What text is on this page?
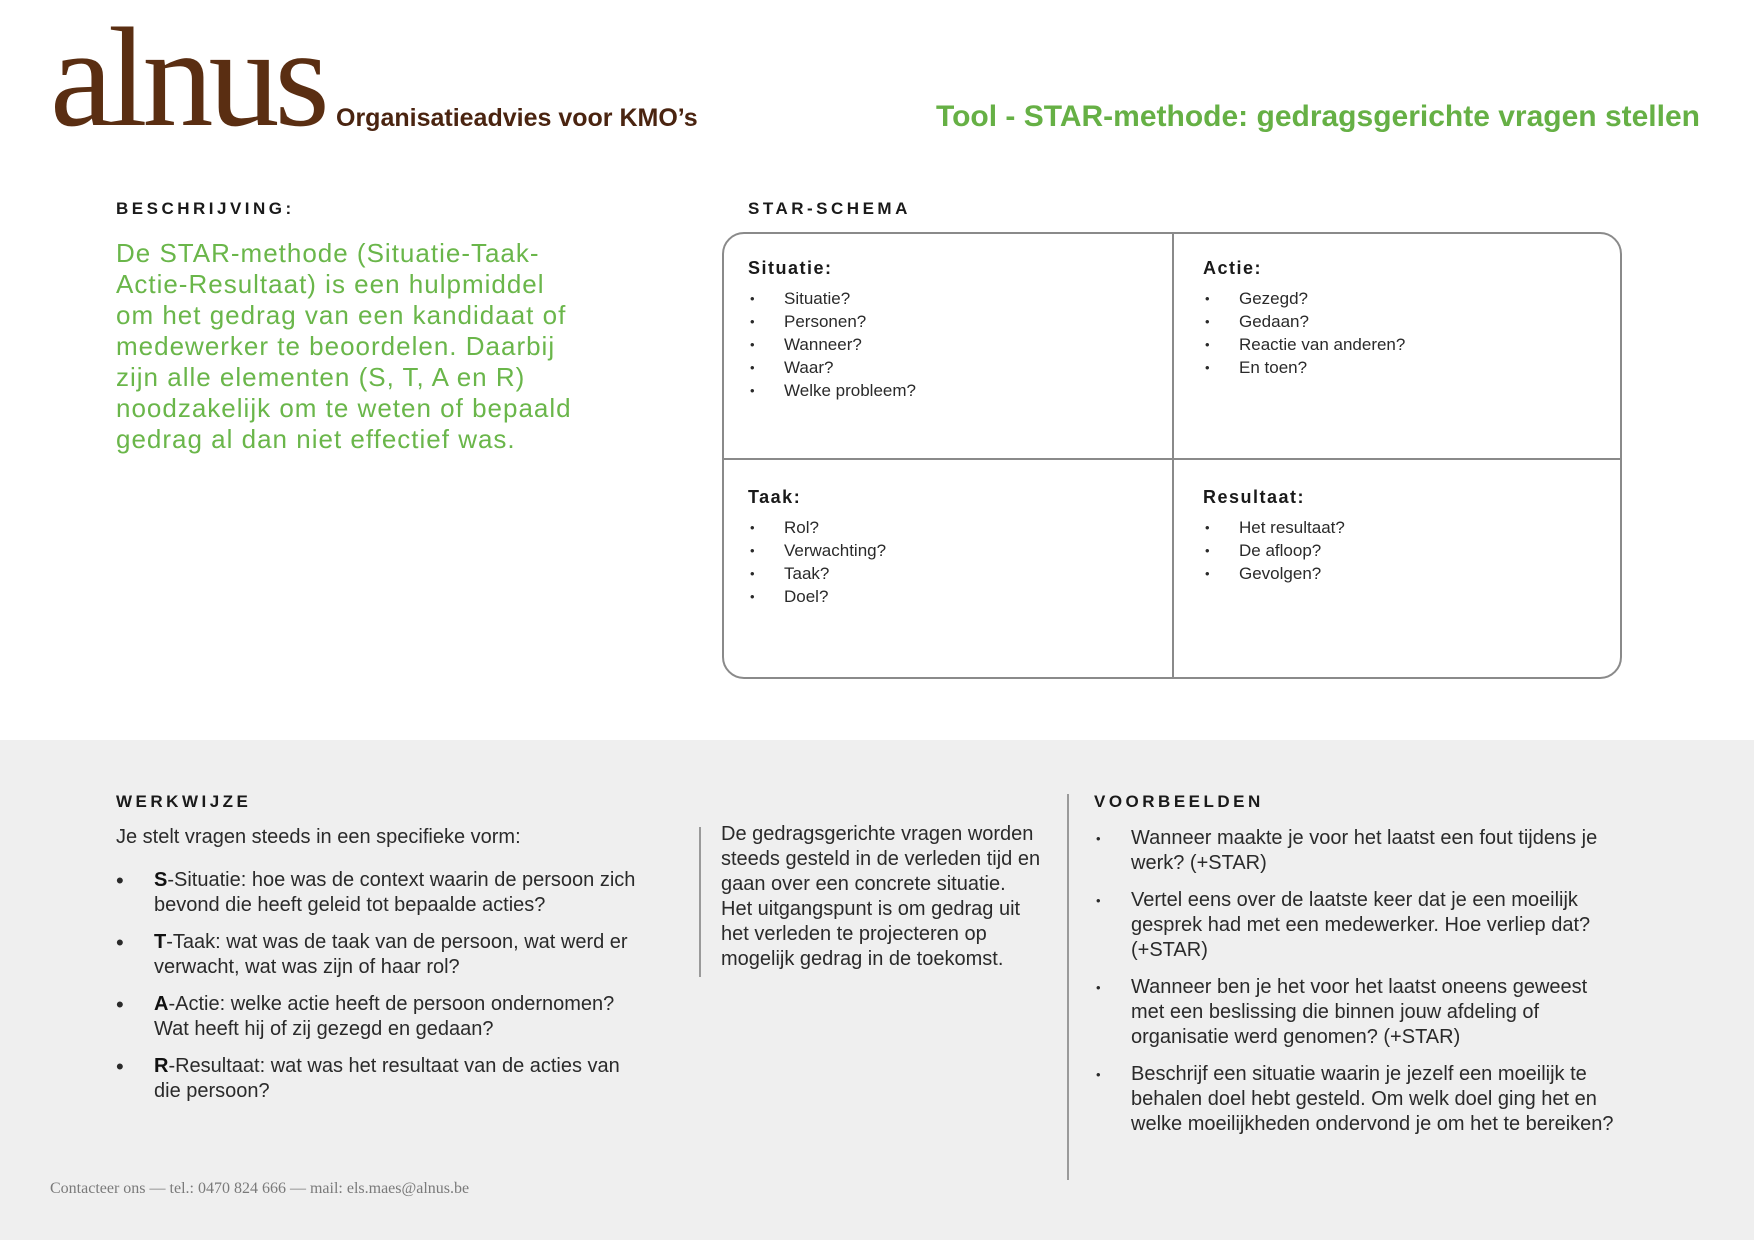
alnus Organisatieadvies voor KMO’s	Tool - STAR-methode: gedragsgerichte vragen stellen
BESCHRIJVING:

De STAR-methode (Situatie-Taak-Actie-Resultaat) is een hulpmiddel om het gedrag van een kandidaat of medewerker te beoordelen. Daarbij zijn alle elementen (S, T, A en R) noodzakelijk om te weten of bepaald gedrag al dan niet effectief was.

STAR-SCHEMA
Situatie:
• Situatie?
• Personen?
• Wanneer?
• Waar?
• Welke probleem?
Actie:
• Gezegd?
• Gedaan?
• Reactie van anderen?
• En toen?
Taak:
• Rol?
• Verwachting?
• Taak?
• Doel?
Resultaat:
• Het resultaat?
• De afloop?
• Gevolgen?
WERKWIJZE

Je stelt vragen steeds in een specifieke vorm:

• S-Situatie: hoe was de context waarin de persoon zich bevond die heeft geleid tot bepaalde acties?
• T-Taak: wat was de taak van de persoon, wat werd er verwacht, wat was zijn of haar rol?
• A-Actie: welke actie heeft de persoon ondernomen? Wat heeft hij of zij gezegd en gedaan?
• R-Resultaat: wat was het resultaat van de acties van die persoon?

De gedragsgerichte vragen worden steeds gesteld in de verleden tijd en gaan over een concrete situatie. Het uitgangspunt is om gedrag uit het verleden te projecteren op mogelijk gedrag in de toekomst.

VOORBEELDEN
• Wanneer maakte je voor het laatst een fout tijdens je werk? (+STAR)
• Vertel eens over de laatste keer dat je een moeilijk gesprek had met een medewerker. Hoe verliep dat? (+STAR)
• Wanneer ben je het voor het laatst oneens geweest met een beslissing die binnen jouw afdeling of organisatie werd genomen? (+STAR)
• Beschrijf een situatie waarin je jezelf een moeilijk te behalen doel hebt gesteld. Om welk doel ging het en welke moeilijkheden ondervond je om het te bereiken?
Contacteer ons — tel.: 0470 824 666 — mail: els.maes@alnus.be
